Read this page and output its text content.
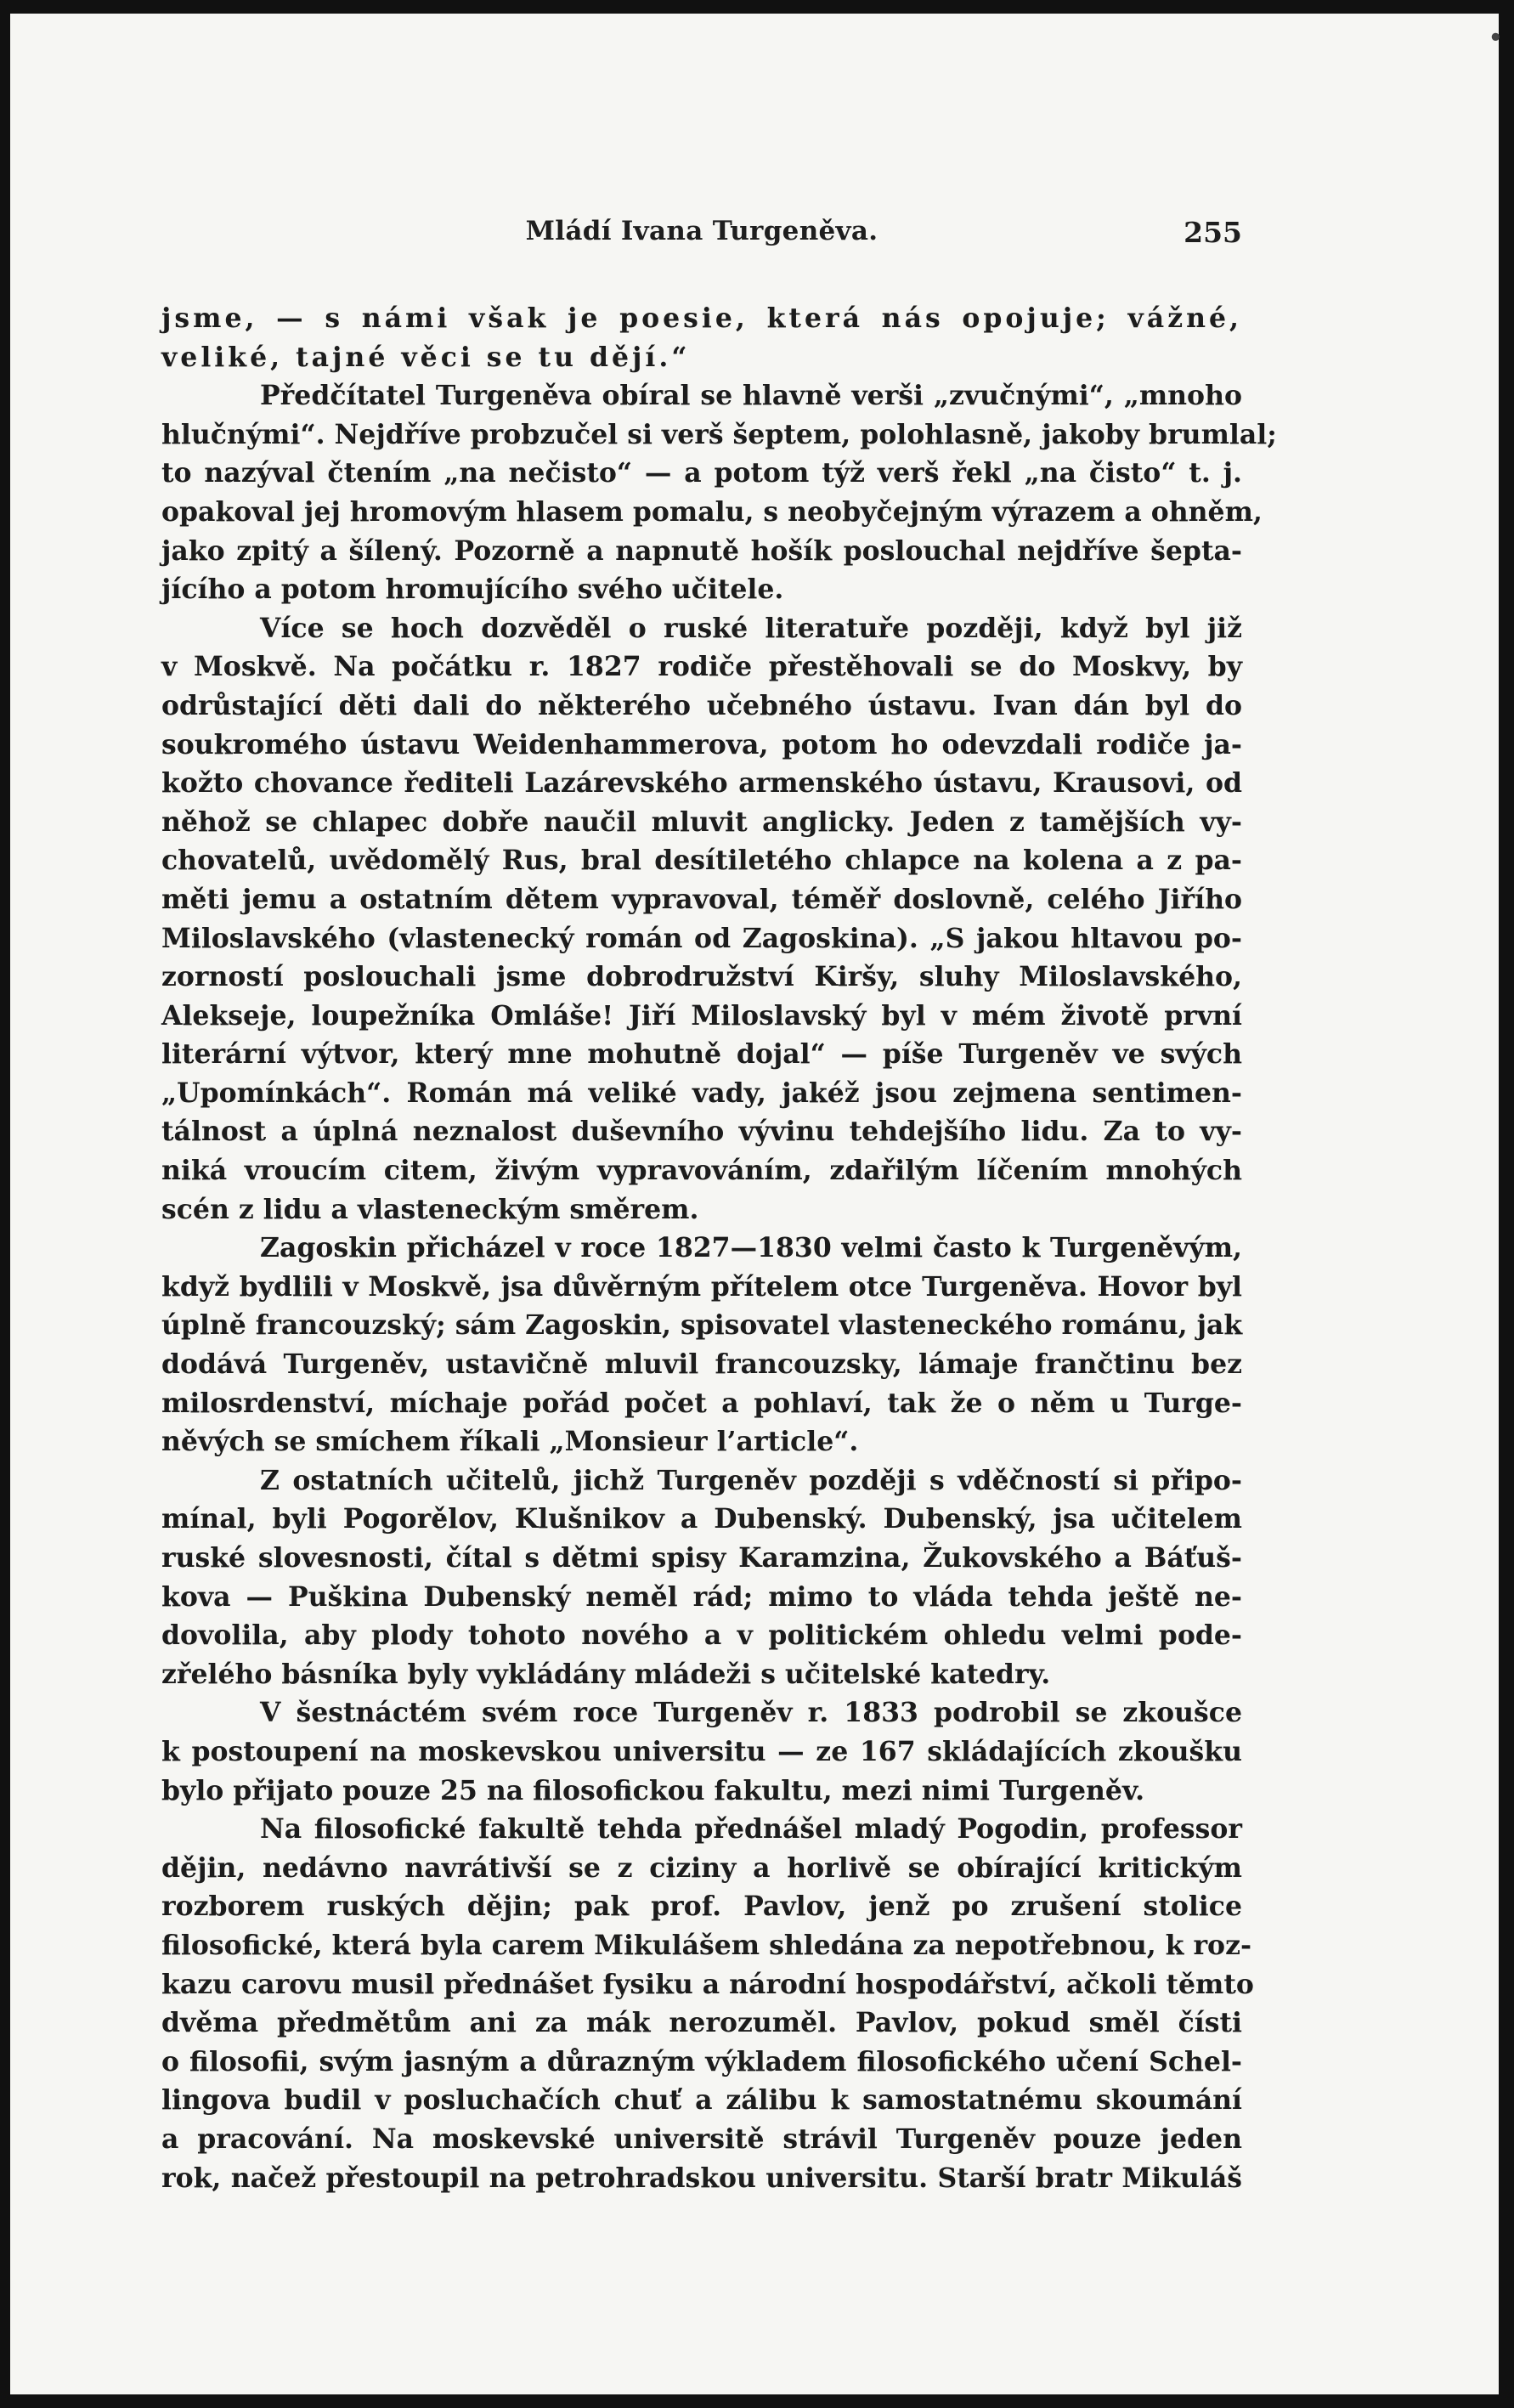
Mládí Ivana Turgeněva.	255
jsme, — s námi však je poesie, která nás opojuje; vážné,
veliké, tajné věci se tu dějí.“
Předčítatel Turgeněva obíral se hlavně verši „zvučnými“, „mnoho
hlučnými“. Nejdříve probzučel si verš šeptem, polohlasně, jakoby brumlal;
to nazýval čtením „na nečisto“ — a potom týž verš řekl „na čisto“ t. j.
opakoval jej hromovým hlasem pomalu, s neobyčejným výrazem a ohněm,
jako zpitý a šílený. Pozorně a napnutě hošík poslouchal nejdříve šepta-
jícího a potom hromujícího svého učitele.
Více se hoch dozvěděl o ruské literatuře později, když byl již
v Moskvě. Na počátku r. 1827 rodiče přestěhovali se do Moskvy, by
odrůstající děti dali do některého učebného ústavu. Ivan dán byl do
soukromého ústavu Weidenhammerova, potom ho odevzdali rodiče ja-
kožto chovance řediteli Lazárevského armenského ústavu, Krausovi, od
něhož se chlapec dobře naučil mluvit anglicky. Jeden z tamějších vy-
chovatelů, uvědomělý Rus, bral desítiletého chlapce na kolena a z pa-
měti jemu a ostatním dětem vypravoval, téměř doslovně, celého Jiřího
Miloslavského (vlastenecký román od Zagoskina). „S jakou hltavou po-
zorností poslouchali jsme dobrodružství Kiršy, sluhy Miloslavského,
Alekseje, loupežníka Omláše! Jiří Miloslavský byl v mém životě první
literární výtvor, který mne mohutně dojal“ — píše Turgeněv ve svých
„Upomínkách“. Román má veliké vady, jakéž jsou zejmena sentimen-
tálnost a úplná neznalost duševního vývinu tehdejšího lidu. Za to vy-
niká vroucím citem, živým vypravováním, zdařilým líčením mnohých
scén z lidu a vlasteneckým směrem.
Zagoskin přicházel v roce 1827—1830 velmi často k Turgeněvým,
když bydlili v Moskvě, jsa důvěrným přítelem otce Turgeněva. Hovor byl
úplně francouzský; sám Zagoskin, spisovatel vlasteneckého románu, jak
dodává Turgeněv, ustavičně mluvil francouzsky, lámaje frančtinu bez
milosrdenství, míchaje pořád počet a pohlaví, tak že o něm u Turge-
něvých se smíchem říkali „Monsieur l’article“.
Z ostatních učitelů, jichž Turgeněv později s vděčností si připo-
mínal, byli Pogorělov, Klušnikov a Dubenský. Dubenský, jsa učitelem
ruské slovesnosti, čítal s dětmi spisy Karamzina, Žukovského a Báťuš-
kova — Puškina Dubenský neměl rád; mimo to vláda tehda ještě ne-
dovolila, aby plody tohoto nového a v politickém ohledu velmi pode-
zřelého básníka byly vykládány mládeži s učitelské katedry.
V šestnáctém svém roce Turgeněv r. 1833 podrobil se zkoušce
k postoupení na moskevskou universitu — ze 167 skládajících zkoušku
bylo přijato pouze 25 na filosofickou fakultu, mezi nimi Turgeněv.
Na filosofické fakultě tehda přednášel mladý Pogodin, professor
dějin, nedávno navrátivší se z ciziny a horlivě se obírající kritickým
rozborem ruských dějin; pak prof. Pavlov, jenž po zrušení stolice
filosofické, která byla carem Mikulášem shledána za nepotřebnou, k roz-
kazu carovu musil přednášet fysiku a národní hospodářství, ačkoli těmto
dvěma předmětům ani za mák nerozuměl. Pavlov, pokud směl čísti
o filosofii, svým jasným a důrazným výkladem filosofického učení Schel-
lingova budil v posluchačích chuť a zálibu k samostatnému skoumání
a pracování. Na moskevské universitě strávil Turgeněv pouze jeden
rok, načež přestoupil na petrohradskou universitu. Starší bratr Mikuláš
•
